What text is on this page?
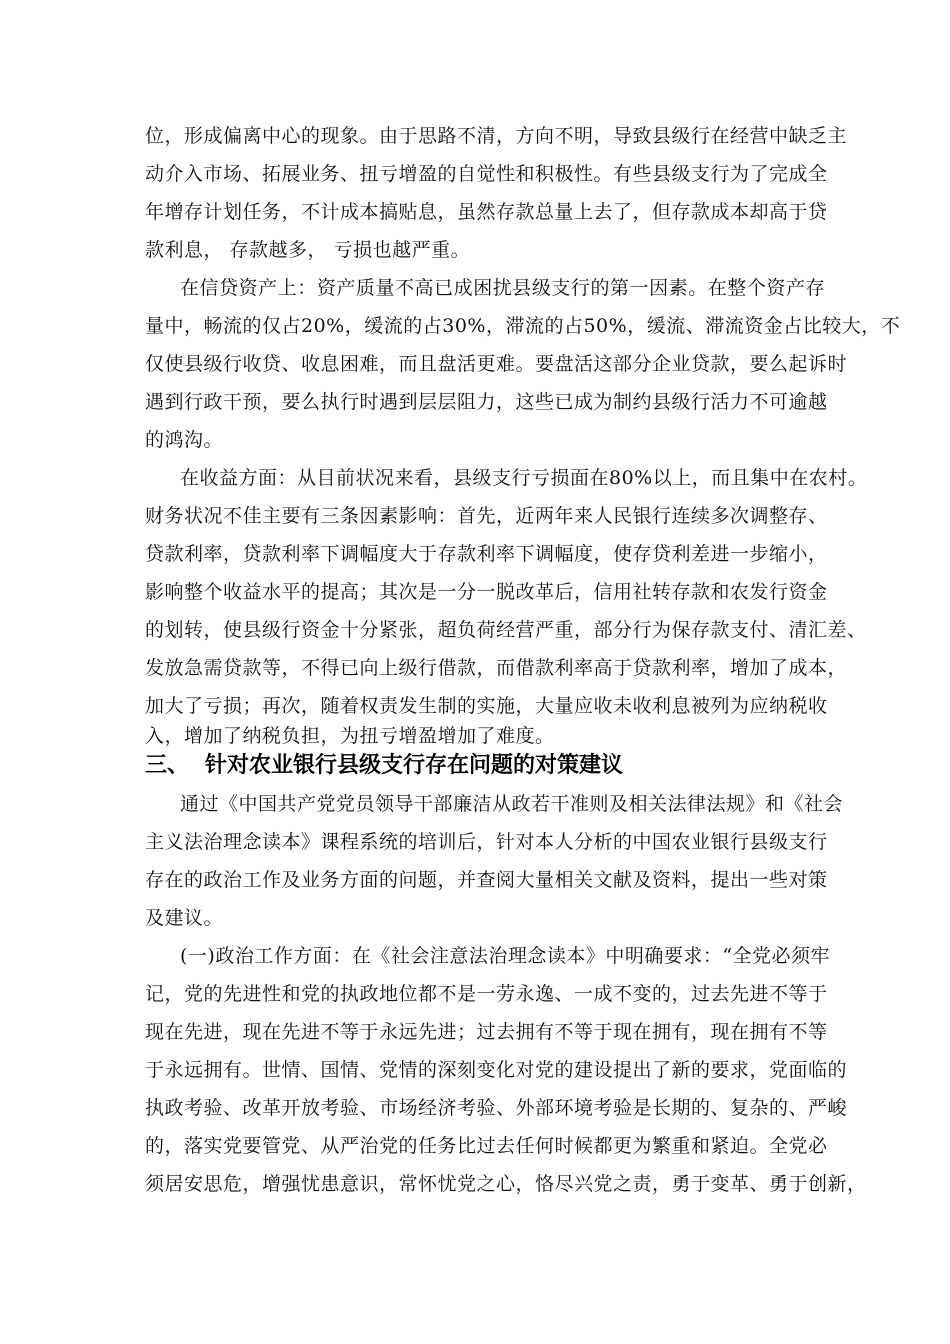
位，形成偏离中心的现象。由于思路不清，方向不明，导致县级行在经营中缺乏主
动介入市场、拓展业务、扭亏增盈的自觉性和积极性。有些县级支行为了完成全
年增存计划任务，不计成本搞贴息，虽然存款总量上去了，但存款成本却高于贷
款利息， 存款越多， 亏损也越严重。
在信贷资产上：资产质量不高已成困扰县级支行的第一因素。在整个资产存
量中，畅流的仅占20%，缓流的占30%，滞流的占50%，缓流、滞流资金占比较大，不
仅使县级行收贷、收息困难，而且盘活更难。要盘活这部分企业贷款，要么起诉时
遇到行政干预，要么执行时遇到层层阻力，这些已成为制约县级行活力不可逾越
的鸿沟。
在收益方面：从目前状况来看，县级支行亏损面在80%以上，而且集中在农村。
财务状况不佳主要有三条因素影响：首先，近两年来人民银行连续多次调整存、
贷款利率，贷款利率下调幅度大于存款利率下调幅度，使存贷利差进一步缩小，
影响整个收益水平的提高；其次是一分一脱改革后，信用社转存款和农发行资金
的划转，使县级行资金十分紧张，超负荷经营严重，部分行为保存款支付、清汇差、
发放急需贷款等，不得已向上级行借款，而借款利率高于贷款利率，增加了成本，
加大了亏损；再次，随着权责发生制的实施，大量应收未收利息被列为应纳税收
入，增加了纳税负担，为扭亏增盈增加了难度。
三、 针对农业银行县级支行存在问题的对策建议
通过《中国共产党党员领导干部廉洁从政若干准则及相关法律法规》和《社会
主义法治理念读本》课程系统的培训后，针对本人分析的中国农业银行县级支行
存在的政治工作及业务方面的问题，并查阅大量相关文献及资料，提出一些对策
及建议。
(一)政治工作方面：在《社会注意法治理念读本》中明确要求：“全党必须牢
记，党的先进性和党的执政地位都不是一劳永逸、一成不变的，过去先进不等于
现在先进，现在先进不等于永远先进；过去拥有不等于现在拥有，现在拥有不等
于永远拥有。世情、国情、党情的深刻变化对党的建设提出了新的要求，党面临的
执政考验、改革开放考验、市场经济考验、外部环境考验是长期的、复杂的、严峻
的，落实党要管党、从严治党的任务比过去任何时候都更为繁重和紧迫。全党必
须居安思危，增强忧患意识，常怀忧党之心，恪尽兴党之责，勇于变革、勇于创新，
